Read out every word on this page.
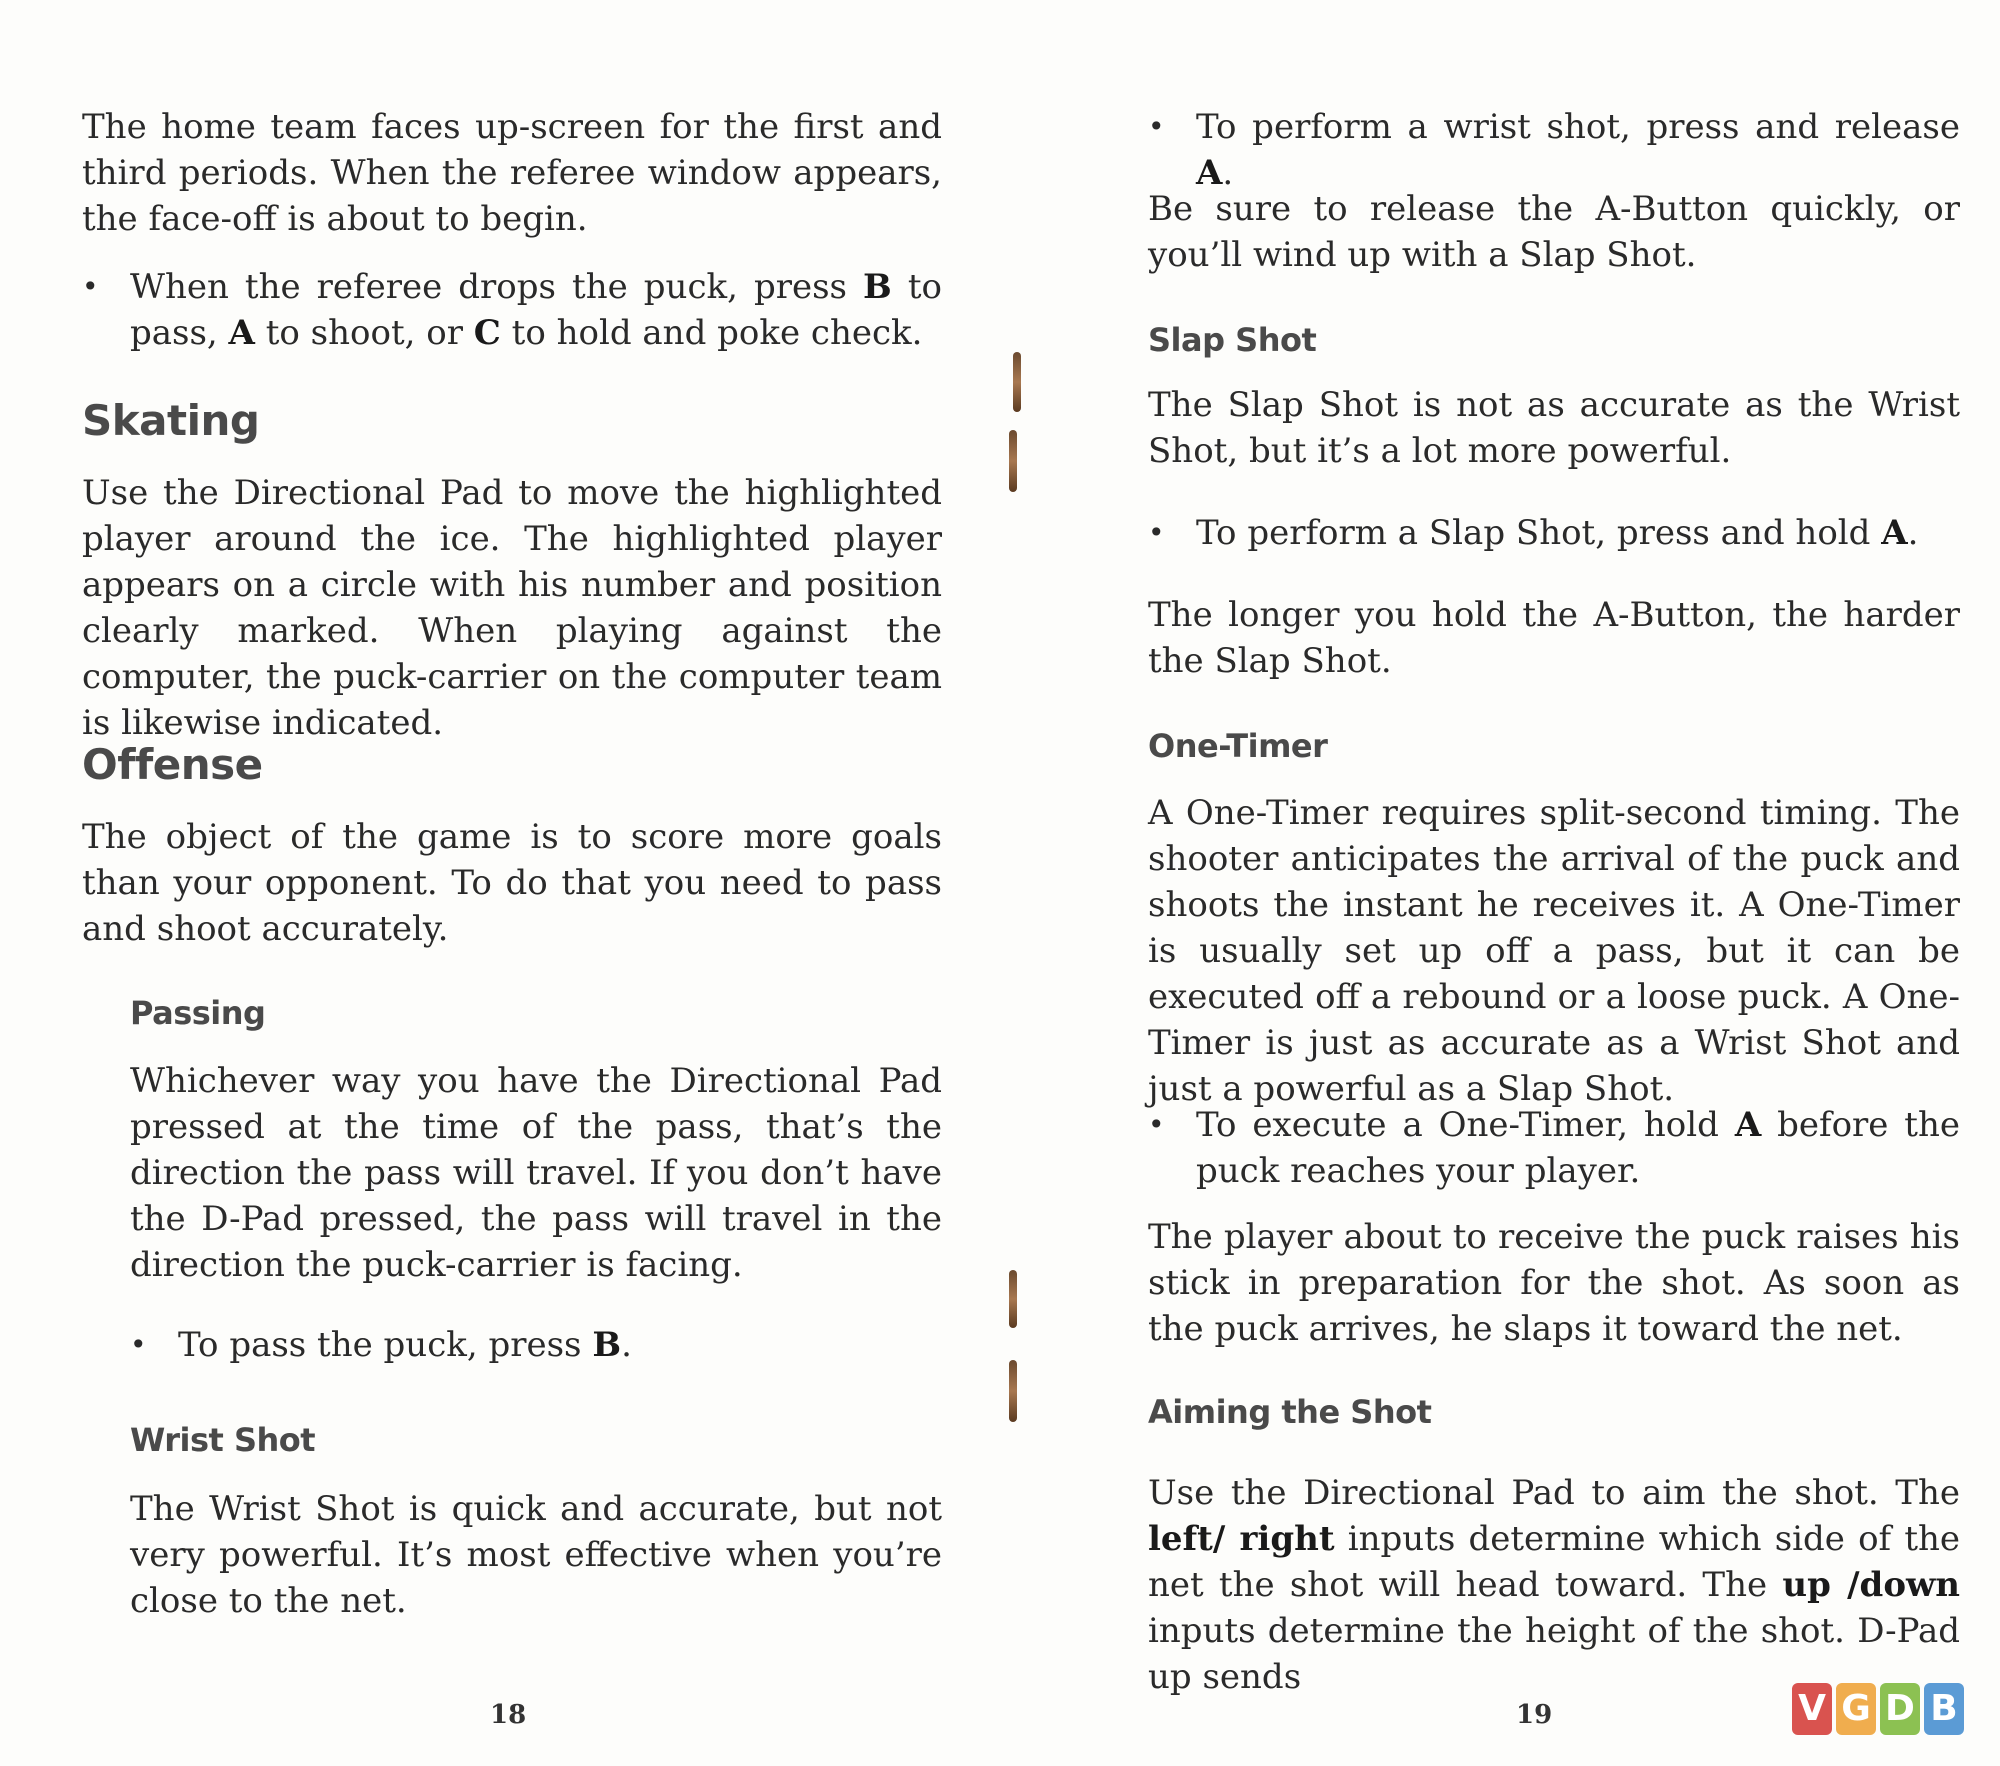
The home team faces up-screen for the first and third periods. When the referee window appears, the face-off is about to begin.

• When the referee drops the puck, press B to pass, A to shoot, or C to hold and poke check.
Skating

Use the Directional Pad to move the highlighted player around the ice. The highlighted player appears on a circle with his number and position clearly marked. When playing against the computer, the puck-carrier on the computer team is likewise indicated.

Offense

The object of the game is to score more goals than your opponent. To do that you need to pass and shoot accurately.

Passing

Whichever way you have the Directional Pad pressed at the time of the pass, that’s the direction the pass will travel. If you don’t have the D-Pad pressed, the pass will travel in the direction the puck-carrier is facing.

• To pass the puck, press B.
Wrist Shot

The Wrist Shot is quick and accurate, but not very powerful. It’s most effective when you’re close to the net.

18
• To perform a wrist shot, press and release A.

Be sure to release the A-Button quickly, or you’ll wind up with a Slap Shot.

Slap Shot

The Slap Shot is not as accurate as the Wrist Shot, but it’s a lot more powerful.

• To perform a Slap Shot, press and hold A.

The longer you hold the A-Button, the harder the Slap Shot.

One-Timer

A One-Timer requires split-second timing. The shooter anticipates the arrival of the puck and shoots the instant he receives it. A One-Timer is usually set up off a pass, but it can be executed off a rebound or a loose puck. A One-Timer is just as accurate as a Wrist Shot and just a powerful as a Slap Shot.

• To execute a One-Timer, hold A before the puck reaches your player.

The player about to receive the puck raises his stick in preparation for the shot. As soon as the puck arrives, he slaps it toward the net.

Aiming the Shot

Use the Directional Pad to aim the shot. The left/ right inputs determine which side of the net the shot will head toward. The up /down inputs determine the height of the shot. D-Pad up sends

19	V G D B
